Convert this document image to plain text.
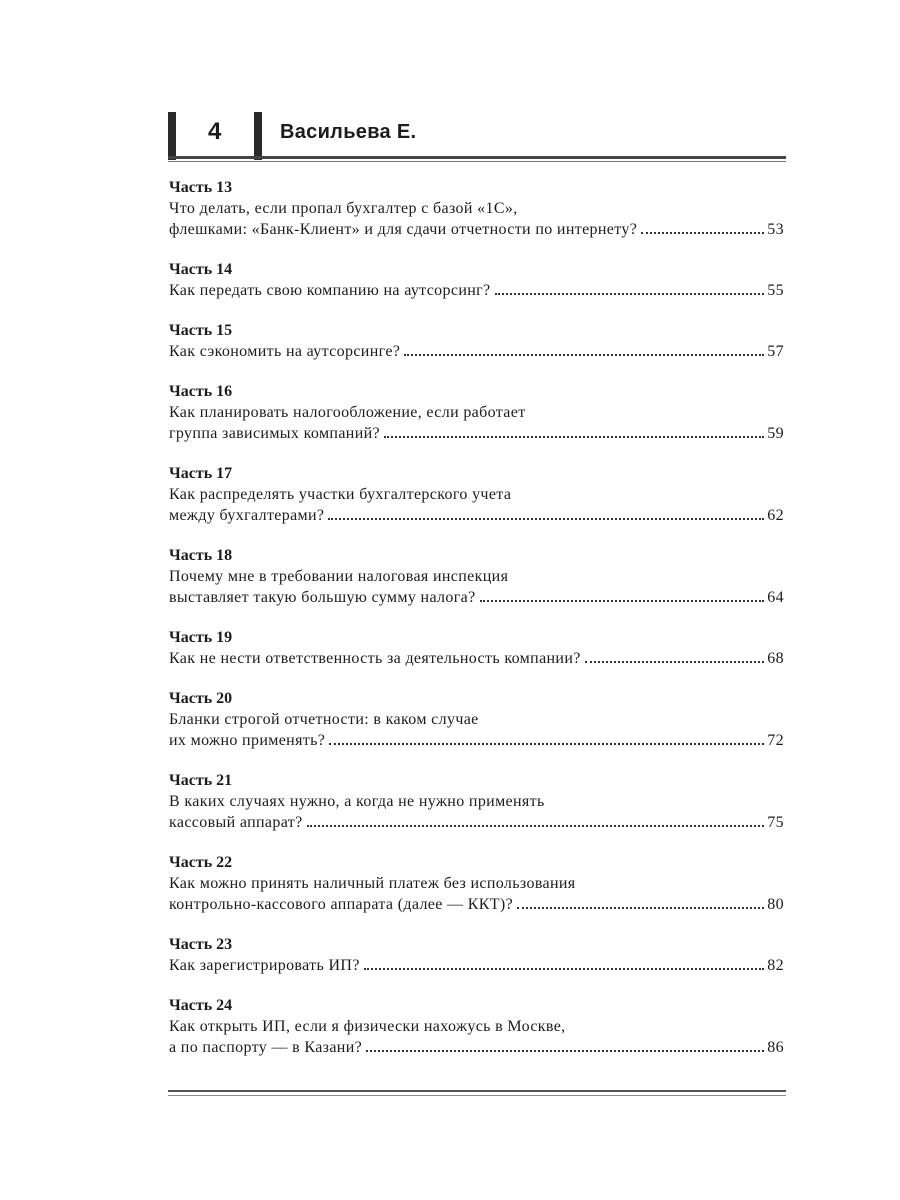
4	Васильева Е.
Часть 13
Что делать, если пропал бухгалтер с базой «1С»,
флешками: «Банк-Клиент» и для сдачи отчетности по интернету?	53
Часть 14
Как передать свою компанию на аутсорсинг?	55
Часть 15
Как сэкономить на аутсорсинге?	57
Часть 16
Как планировать налогообложение, если работает
группа зависимых компаний?	59
Часть 17
Как распределять участки бухгалтерского учета
между бухгалтерами?	62
Часть 18
Почему мне в требовании налоговая инспекция
выставляет такую большую сумму налога?	64
Часть 19
Как не нести ответственность за деятельность компании?	68
Часть 20
Бланки строгой отчетности: в каком случае
их можно применять?	72
Часть 21
В каких случаях нужно, а когда не нужно применять
кассовый аппарат?	75
Часть 22
Как можно принять наличный платеж без использования
контрольно-кассового аппарата (далее — ККТ)?	80
Часть 23
Как зарегистрировать ИП?	82
Часть 24
Как открыть ИП, если я физически нахожусь в Москве,
а по паспорту — в Казани?	86
